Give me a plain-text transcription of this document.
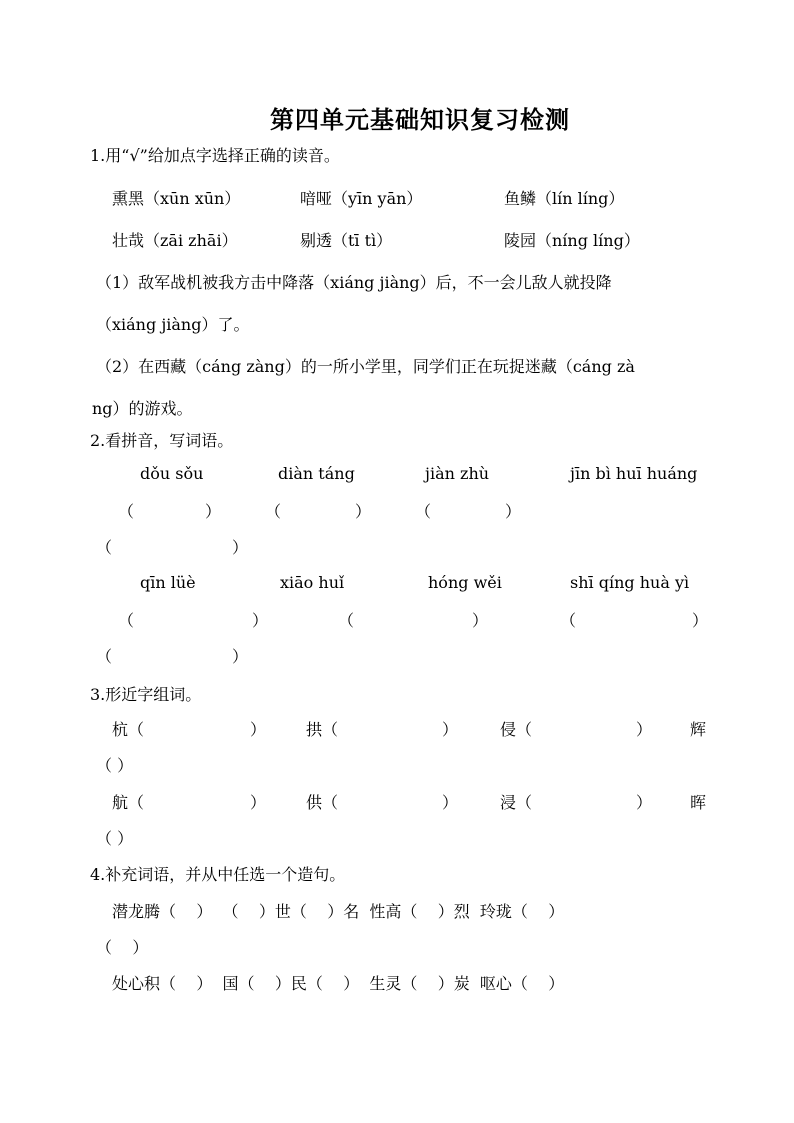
第四单元基础知识复习检测
1.用“√”给加点字选择正确的读音。
熏黑（xūn xūn）	喑哑（yīn yān）	鱼鳞（lín líng）
壮哉（zāi zhāi）	剔透（tī tì）	陵园（níng líng）
（1）敌军战机被我方击中降落（xiáng jiàng）后，不一会儿敌人就投降
（xiáng jiàng）了。
（2）在西藏（cáng zàng）的一所小学里，同学们正在玩捉迷藏（cáng zà
ng）的游戏。
2.看拼音，写词语。
dǒu sǒu	diàn táng	jiàn zhù	jīn bì huī huáng
（	）	（	）	（	）
（	）
qīn lüè	xiāo huǐ	hóng wěi	shī qíng huà yì
（	）	（	）	（	）
（	）
3.形近字组词。
杭（	） 拱（	）	侵（	） 辉
（ ）
航（	） 供（	）	浸（	） 晖
（ ）
4.补充词语，并从中任选一个造句。
潜龙腾（    ）  （    ）世（    ）名  性高（    ）烈  玲珑（    ）
（    ）
处心积（    ）  国（    ）民（    ）  生灵（    ）炭  呕心（    ）
